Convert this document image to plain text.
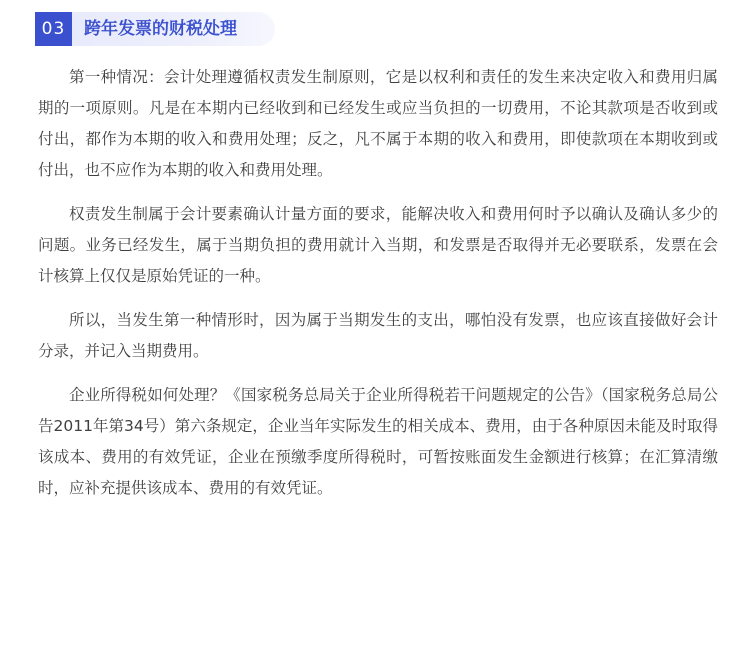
03	跨年发票的财税处理

第一种情况：会计处理遵循权责发生制原则，它是以权利和责任的发生来决定收入和费用归属期的一项原则。凡是在本期内已经收到和已经发生或应当负担的一切费用，不论其款项是否收到或付出，都作为本期的收入和费用处理；反之，凡不属于本期的收入和费用，即使款项在本期收到或付出，也不应作为本期的收入和费用处理。

权责发生制属于会计要素确认计量方面的要求，能解决收入和费用何时予以确认及确认多少的问题。业务已经发生，属于当期负担的费用就计入当期，和发票是否取得并无必要联系，发票在会计核算上仅仅是原始凭证的一种。

所以，当发生第一种情形时，因为属于当期发生的支出，哪怕没有发票，也应该直接做好会计分录，并记入当期费用。

企业所得税如何处理？《国家税务总局关于企业所得税若干问题规定的公告》（国家税务总局公告2011年第34号）第六条规定，企业当年实际发生的相关成本、费用，由于各种原因未能及时取得该成本、费用的有效凭证，企业在预缴季度所得税时，可暂按账面发生金额进行核算；在汇算清缴时，应补充提供该成本、费用的有效凭证。
